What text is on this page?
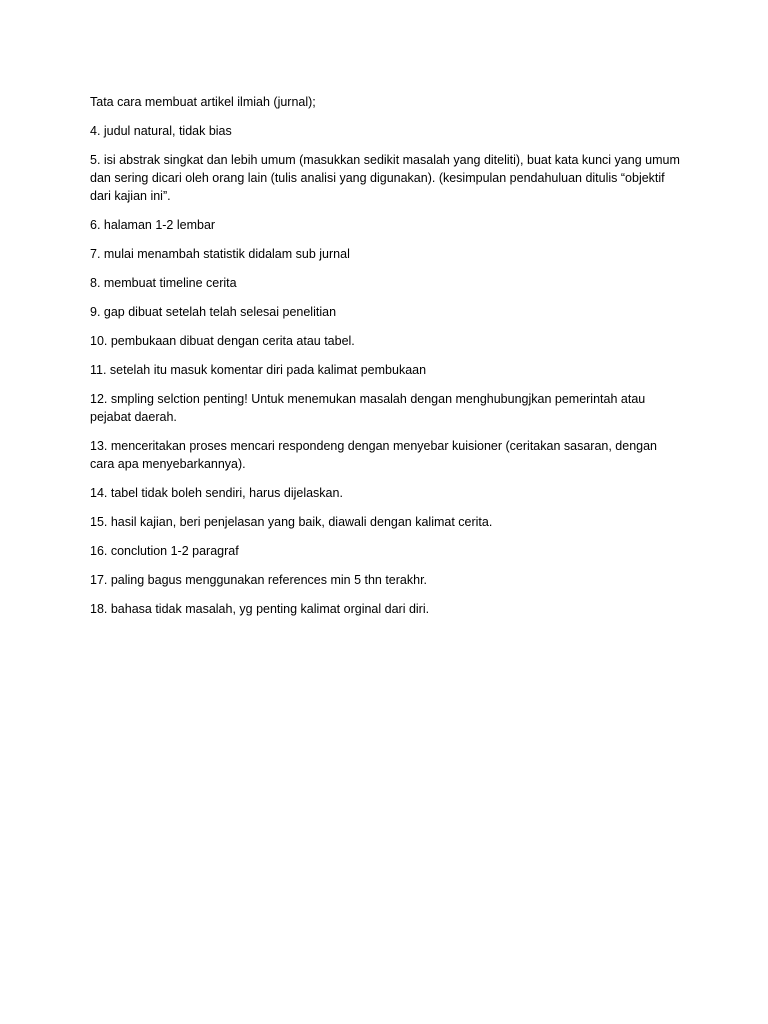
Tata cara membuat artikel ilmiah (jurnal);

4. judul natural, tidak bias

5. isi abstrak singkat dan lebih umum (masukkan sedikit masalah yang diteliti), buat kata kunci yang umum dan sering dicari oleh orang lain (tulis analisi yang digunakan). (kesimpulan pendahuluan ditulis “objektif dari kajian ini”.

6. halaman 1-2 lembar

7. mulai menambah statistik didalam sub jurnal

8. membuat timeline cerita

9. gap dibuat setelah telah selesai penelitian

10. pembukaan dibuat dengan cerita atau tabel.

11. setelah itu masuk komentar diri pada kalimat pembukaan

12. smpling selction penting! Untuk menemukan masalah dengan menghubungjkan pemerintah atau pejabat daerah.

13. menceritakan proses mencari respondeng dengan menyebar kuisioner (ceritakan sasaran, dengan cara apa menyebarkannya).

14. tabel tidak boleh sendiri, harus dijelaskan.

15. hasil kajian, beri penjelasan yang baik, diawali dengan kalimat cerita.

16. conclution 1-2 paragraf

17. paling bagus menggunakan references min 5 thn terakhr.

18. bahasa tidak masalah, yg penting kalimat orginal dari diri.
